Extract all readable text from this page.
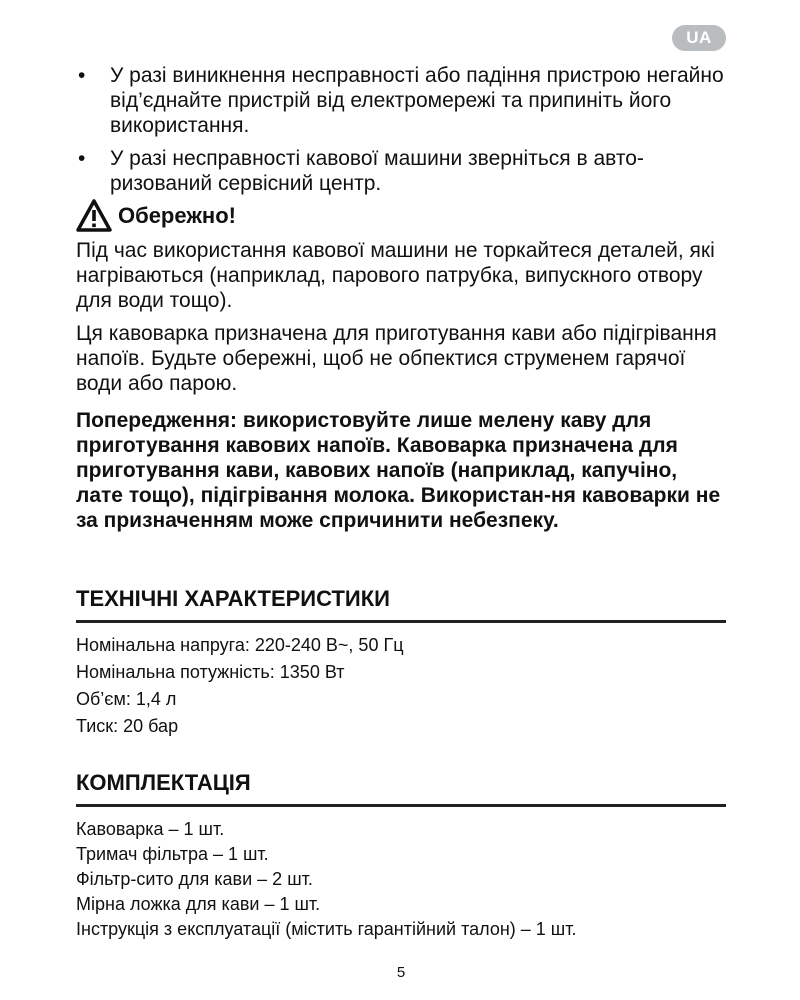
UA
• У разі виникнення несправності або падіння пристрою негайно від’єднайте пристрій від електромережі та припиніть його використання.
• У разі несправності кавової машини зверніться в авто-ризований сервісний центр.
Обережно!

Під час використання кавової машини не торкайтеся деталей, які нагріваються (наприклад, парового патрубка, випускного отвору для води тощо).

Ця кавоварка призначена для приготування кави або підігрівання напоїв. Будьте обережні, щоб не обпектися струменем гарячої води або парою.

Попередження: використовуйте лише мелену каву для приготування кавових напоїв. Кавоварка призначена для приготування кави, кавових напоїв (наприклад, капучіно, лате тощо), підігрівання молока. Використан-ня кавоварки не за призначенням може спричинити небезпеку.

ТЕХНІЧНІ ХАРАКТЕРИСТИКИ
Номінальна напруга: 220-240 В~, 50 Гц
Номінальна потужність: 1350 Вт
Об’єм: 1,4 л
Тиск: 20 бар
КОМПЛЕКТАЦІЯ
Кавоварка – 1 шт.
Тримач фільтра – 1 шт.
Фільтр-сито для кави – 2 шт.
Мірна ложка для кави – 1 шт.
Інструкція з експлуатації (містить гарантійний талон) – 1 шт.
5
